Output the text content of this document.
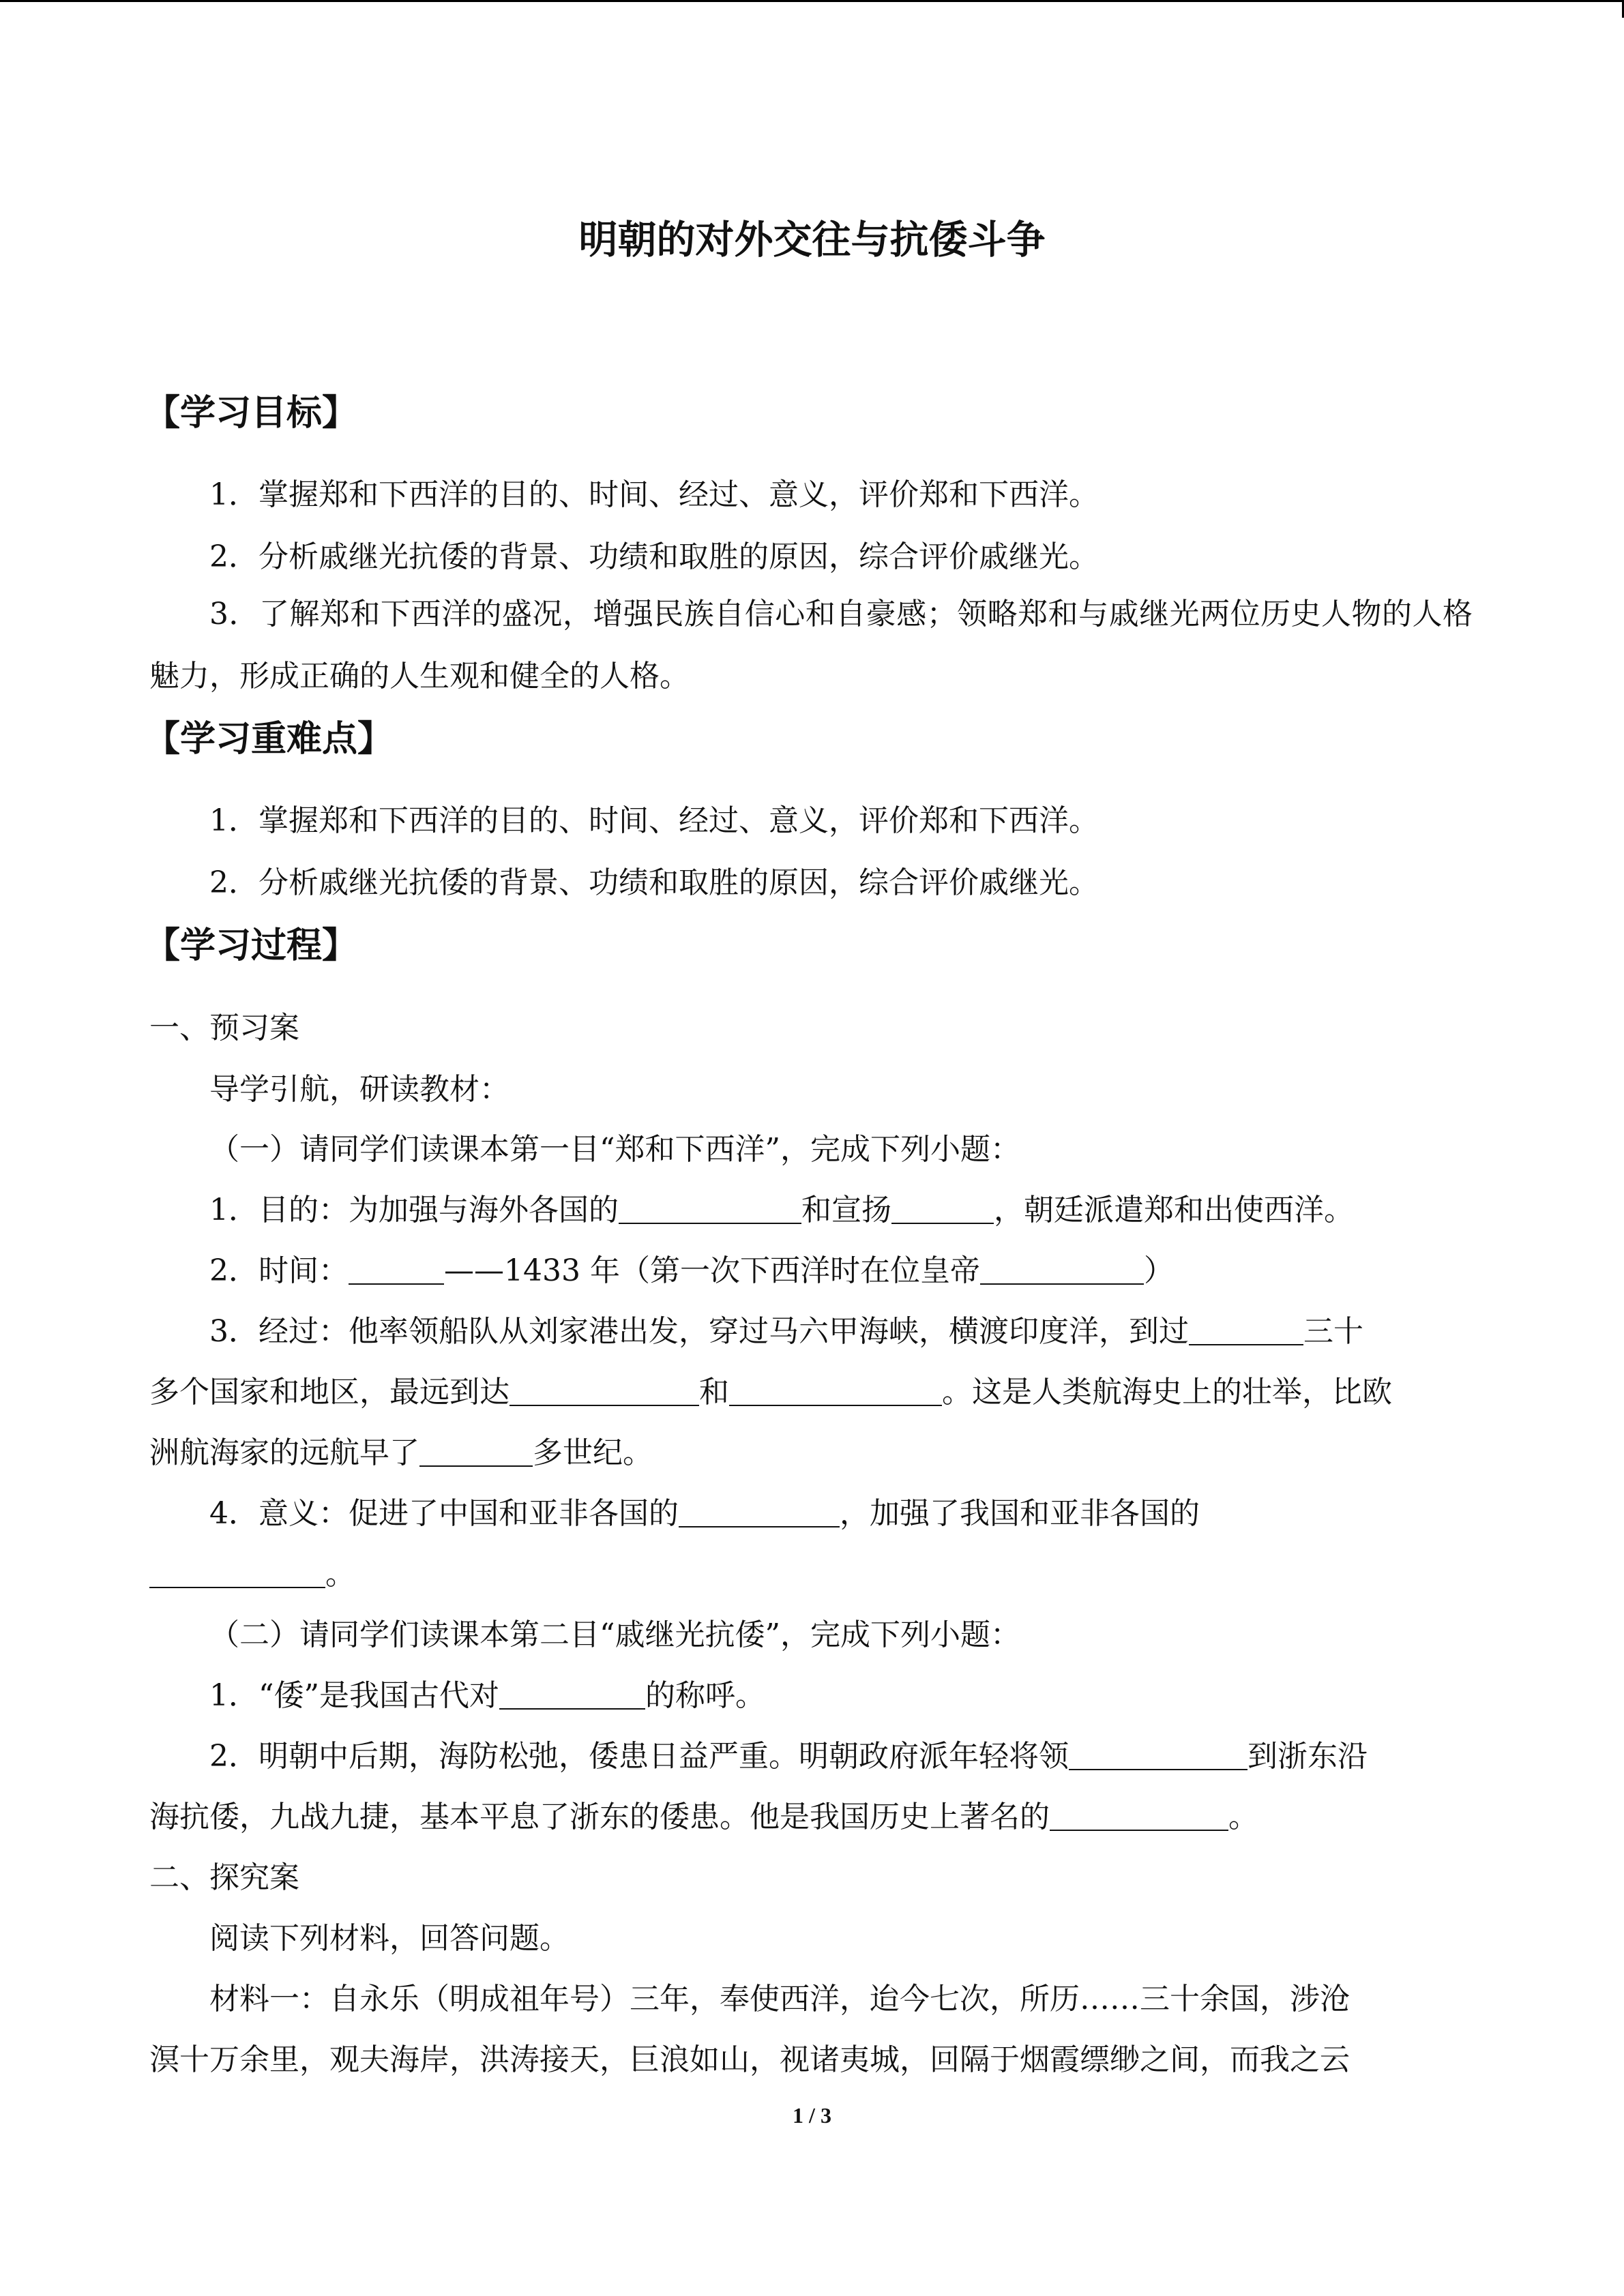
明朝的对外交往与抗倭斗争
【学习目标】
1．掌握郑和下西洋的目的、时间、经过、意义，评价郑和下西洋。
2．分析戚继光抗倭的背景、功绩和取胜的原因，综合评价戚继光。
3．了解郑和下西洋的盛况，增强民族自信心和自豪感；领略郑和与戚继光两位历史人物的人格魅力，形成正确的人生观和健全的人格。
【学习重难点】
1．掌握郑和下西洋的目的、时间、经过、意义，评价郑和下西洋。
2．分析戚继光抗倭的背景、功绩和取胜的原因，综合评价戚继光。
【学习过程】
一、预习案
导学引航，研读教材：
（一）请同学们读课本第一目“郑和下西洋”，完成下列小题：
1．目的：为加强与海外各国的	和宣扬	，朝廷派遣郑和出使西洋。
2．时间：	——1433 年（第一次下西洋时在位皇帝	）
3．经过：他率领船队从刘家港出发，穿过马六甲海峡，横渡印度洋，到过	三十
多个国家和地区，最远到达	和	。这是人类航海史上的壮举，比欧
洲航海家的远航早了	多世纪。
4．意义：促进了中国和亚非各国的	，加强了我国和亚非各国的
。
（二）请同学们读课本第二目“戚继光抗倭”，完成下列小题：
1．“倭”是我国古代对	的称呼。
2．明朝中后期，海防松弛，倭患日益严重。明朝政府派年轻将领	到浙东沿
海抗倭，九战九捷，基本平息了浙东的倭患。他是我国历史上著名的	。
二、探究案
阅读下列材料，回答问题。
材料一：自永乐（明成祖年号）三年，奉使西洋，迨今七次，所历……三十余国，涉沧
溟十万余里，观夫海岸，洪涛接天，巨浪如山，视诸夷城，回隔于烟霞缥缈之间，而我之云
1 / 3
